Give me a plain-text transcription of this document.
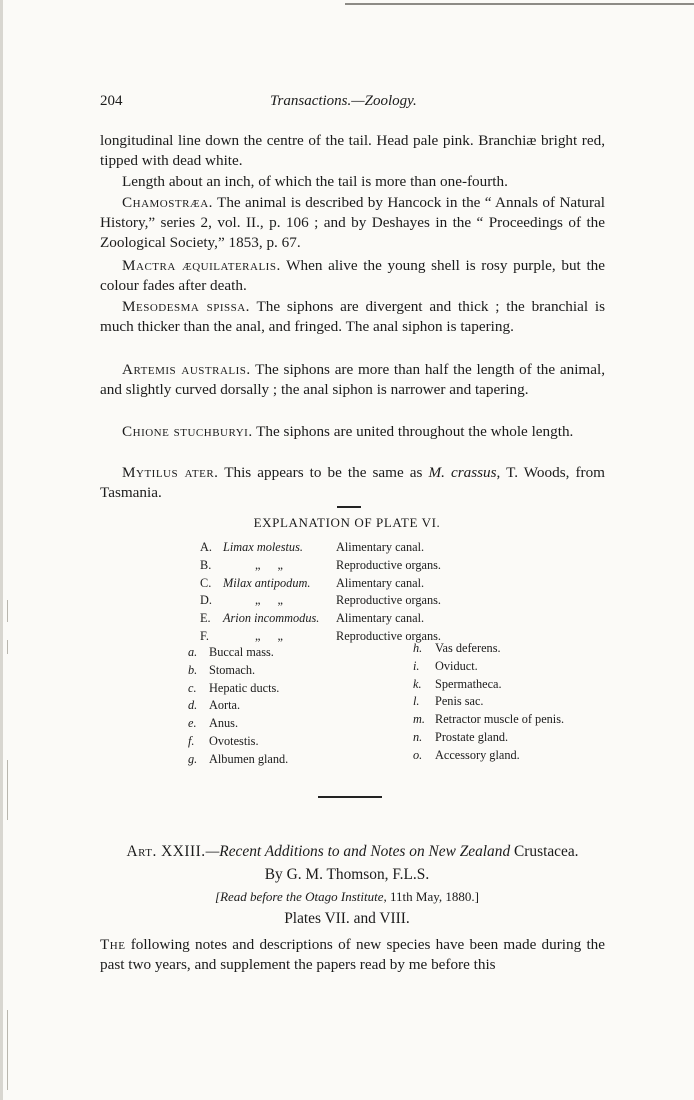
204	Transactions.—Zoology.
longitudinal line down the centre of the tail. Head pale pink. Branchiæ bright red, tipped with dead white.
Length about an inch, of which the tail is more than one-fourth.
Chamostræa. The animal is described by Hancock in the “ Annals of Natural History,” series 2, vol. II., p. 106 ; and by Deshayes in the “ Proceedings of the Zoological Society,” 1853, p. 67.
Mactra æquilateralis. When alive the young shell is rosy purple, but the colour fades after death.
Mesodesma spissa. The siphons are divergent and thick ; the branchial is much thicker than the anal, and fringed. The anal siphon is tapering.
Artemis australis. The siphons are more than half the length of the animal, and slightly curved dorsally ; the anal siphon is narrower and tapering.
Chione stuchburyi. The siphons are united throughout the whole length.
Mytilus ater. This appears to be the same as M. crassus, T. Woods, from Tasmania.
EXPLANATION OF PLATE VI.
A. Limax molestus.	Alimentary canal.
B.	„ „	Reproductive organs.
C. Milax antipodum. Alimentary canal.
D.	„ „	Reproductive organs.
E. Arion incommodus. Alimentary canal.
F.	„ „	Reproductive organs.
a. Buccal mass.
b. Stomach.
c. Hepatic ducts.
d. Aorta.
e. Anus.
f. Ovotestis.
g. Albumen gland.
h. Vas deferens.
i. Oviduct.
k. Spermatheca.
l. Penis sac.
m. Retractor muscle of penis.
n. Prostate gland.
o. Accessory gland.
Art. XXIII.—Recent Additions to and Notes on New Zealand Crustacea.
By G. M. Thomson, F.L.S.
[Read before the Otago Institute, 11th May, 1880.]
Plates VII. and VIII.
The following notes and descriptions of new species have been made during the past two years, and supplement the papers read by me before this
